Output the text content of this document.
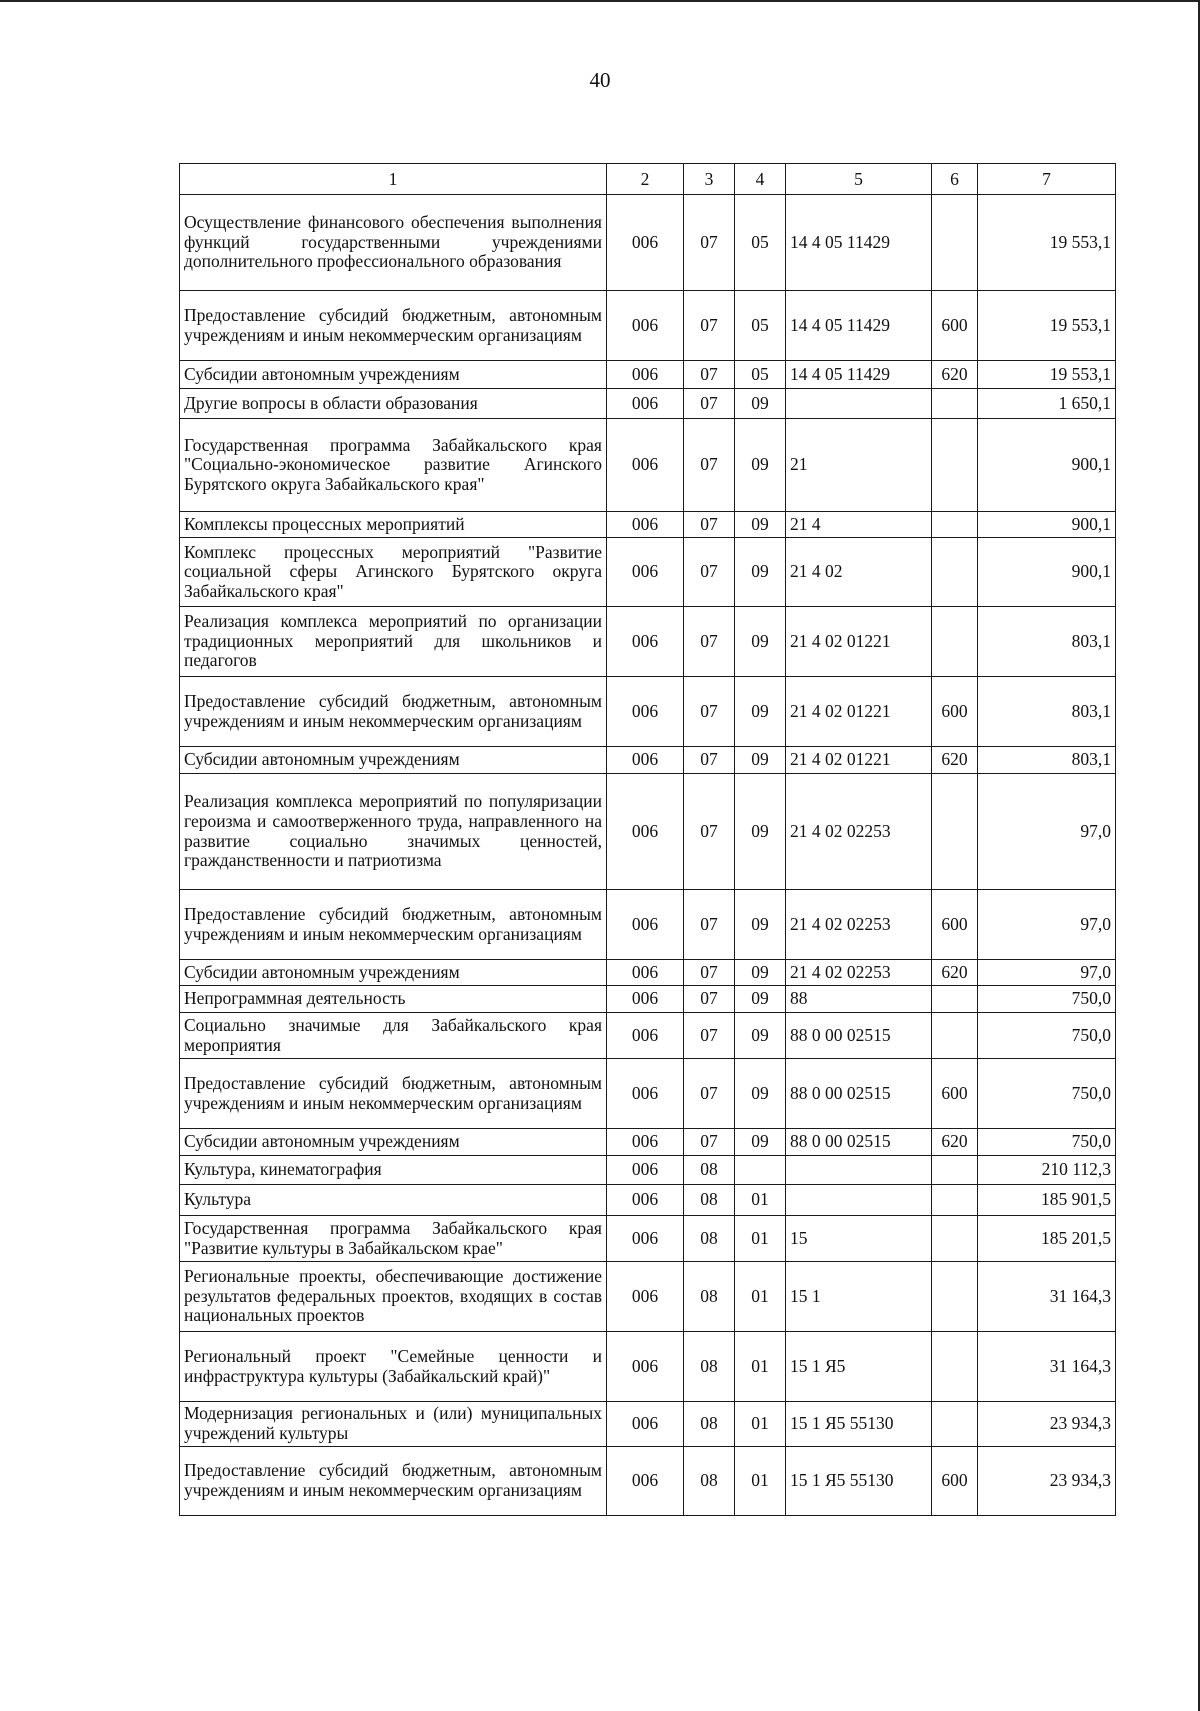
40
1	2	3	4	5	6	7
Осуществление финансового обеспечения выполнения функций государственными учреждениями дополнительного профессионального образования	006	07	05	14 4 05 11429		19 553,1
Предоставление субсидий бюджетным, автономным учреждениям и иным некоммерческим организациям	006	07	05	14 4 05 11429	600	19 553,1
Субсидии автономным учреждениям	006	07	05	14 4 05 11429	620	19 553,1
Другие вопросы в области образования	006	07	09			1 650,1
Государственная программа Забайкальского края "Социально-экономическое развитие Агинского Бурятского округа Забайкальского края"	006	07	09	21		900,1
Комплексы процессных мероприятий	006	07	09	21 4		900,1
Комплекс процессных мероприятий "Развитие социальной сферы Агинского Бурятского округа Забайкальского края"	006	07	09	21 4 02		900,1
Реализация комплекса мероприятий по организации традиционных мероприятий для школьников и педагогов	006	07	09	21 4 02 01221		803,1
Предоставление субсидий бюджетным, автономным учреждениям и иным некоммерческим организациям	006	07	09	21 4 02 01221	600	803,1
Субсидии автономным учреждениям	006	07	09	21 4 02 01221	620	803,1
Реализация комплекса мероприятий по популяризации героизма и самоотверженного труда, направленного на развитие социально значимых ценностей, гражданственности и патриотизма	006	07	09	21 4 02 02253		97,0
Предоставление субсидий бюджетным, автономным учреждениям и иным некоммерческим организациям	006	07	09	21 4 02 02253	600	97,0
Субсидии автономным учреждениям	006	07	09	21 4 02 02253	620	97,0
Непрограммная деятельность	006	07	09	88		750,0
Социально значимые для Забайкальского края мероприятия	006	07	09	88 0 00 02515		750,0
Предоставление субсидий бюджетным, автономным учреждениям и иным некоммерческим организациям	006	07	09	88 0 00 02515	600	750,0
Субсидии автономным учреждениям	006	07	09	88 0 00 02515	620	750,0
Культура, кинематография	006	08				210 112,3
Культура	006	08	01			185 901,5
Государственная программа Забайкальского края "Развитие культуры в Забайкальском крае"	006	08	01	15		185 201,5
Региональные проекты, обеспечивающие достижение результатов федеральных проектов, входящих в состав национальных проектов	006	08	01	15 1		31 164,3
Региональный проект "Семейные ценности и инфраструктура культуры (Забайкальский край)"	006	08	01	15 1 Я5		31 164,3
Модернизация региональных и (или) муниципальных учреждений культуры	006	08	01	15 1 Я5 55130		23 934,3
Предоставление субсидий бюджетным, автономным учреждениям и иным некоммерческим организациям	006	08	01	15 1 Я5 55130	600	23 934,3
